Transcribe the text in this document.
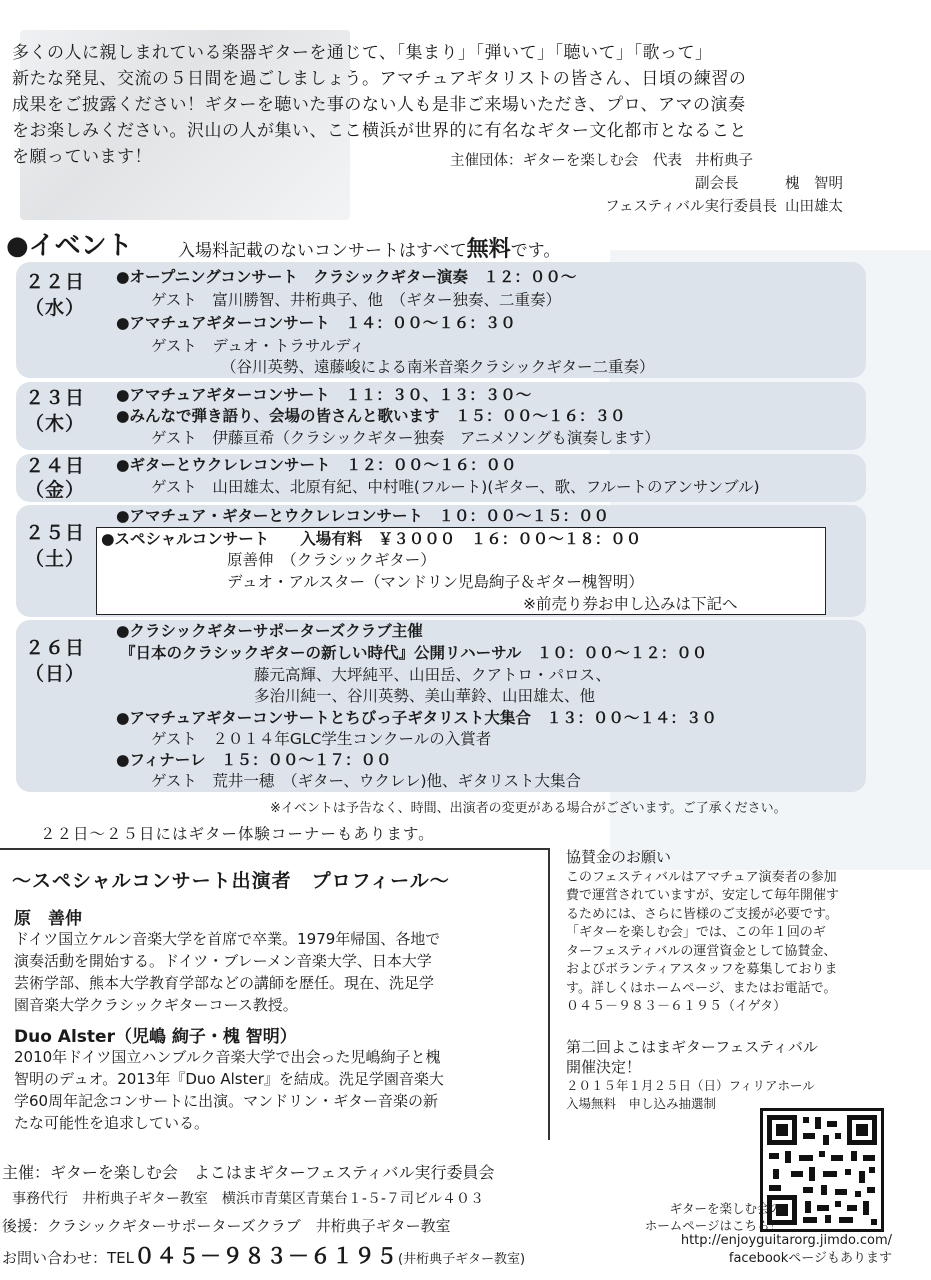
多くの人に親しまれている楽器ギターを通じて、「集まり」「弾いて」「聴いて」「歌って」
新たな発見、交流の５日間を過ごしましょう。アマチュアギタリストの皆さん、日頃の練習の
成果をご披露ください！ギターを聴いた事のない人も是非ご来場いただき、プロ、アマの演奏
をお楽しみください。沢山の人が集い、ここ横浜が世界的に有名なギター文化都市となること
を願っています！	主催団体：ギターを楽しむ会　代表 井桁典子
副会長	槐　智明
フェスティバル実行委員長 山田雄太
●イベント	入場料記載のないコンサートはすべて無料です。
２２日
（水）
●オープニングコンサート　クラシックギター演奏　１２：００～
ゲスト　富川勝智、井桁典子、他　（ギター独奏、二重奏）
●アマチュアギターコンサート　１４：００～１６：３０
ゲスト　デュオ・トラサルディ
（谷川英勢、遠藤峻による南米音楽クラシックギター二重奏）
２３日
（木）
●アマチュアギターコンサート　１１：３０、１３：３０～
●みんなで弾き語り、会場の皆さんと歌います　１５：００～１６：３０
ゲスト　伊藤亘希（クラシックギター独奏　アニメソングも演奏します）
２４日
（金）
●ギターとウクレレコンサート　１２：００～１６：００
ゲスト　山田雄太、北原有紀、中村唯(フルート)(ギター、歌、フルートのアンサンブル)
２５日
（土）
●アマチュア・ギターとウクレレコンサート　１０：００～１５：００
●スペシャルコンサート　　入場有料　￥３０００　１６：００～１８：００
原善伸　（クラシックギター）
デュオ・アルスター（マンドリン児島絢子＆ギター槐智明）
※前売り券お申し込みは下記へ
２６日
（日）
●クラシックギターサポーターズクラブ主催
『日本のクラシックギターの新しい時代』公開リハーサル　１０：００～１２：００
藤元高輝、大坪純平、山田岳、クアトロ・パロス、
多治川純一、谷川英勢、美山華鈴、山田雄太、他
●アマチュアギターコンサートとちびっ子ギタリスト大集合　１３：００～１４：３０
ゲスト　２０１４年GLC学生コンクールの入賞者
●フィナーレ　１５：００～１７：００
ゲスト　荒井一穂　（ギター、ウクレレ)他、ギタリスト大集合
※イベントは予告なく、時間、出演者の変更がある場合がございます。ご了承ください。
２２日～２５日にはギター体験コーナーもあります。
～スペシャルコンサート出演者　プロフィール～
原　善伸
ドイツ国立ケルン音楽大学を首席で卒業。1979年帰国、各地で
演奏活動を開始する。ドイツ・ブレーメン音楽大学、日本大学
芸術学部、熊本大学教育学部などの講師を歴任。現在、洗足学
園音楽大学クラシックギターコース教授。
Duo Alster（児嶋 絢子・槐 智明）
2010年ドイツ国立ハンブルク音楽大学で出会った児嶋絢子と槐
智明のデュオ。2013年『Duo Alster』を結成。洗足学園音楽大
学60周年記念コンサートに出演。マンドリン・ギター音楽の新
たな可能性を追求している。
協賛金のお願い
このフェスティバルはアマチュア演奏者の参加
費で運営されていますが、安定して毎年開催す
るためには、さらに皆様のご支援が必要です。
「ギターを楽しむ会」では、この年１回のギ
ターフェスティバルの運営資金として協賛金、
およびボランティアスタッフを募集しておりま
す。詳しくはホームページ、またはお電話で。
０４５－９８３－６１９５（イゲタ）
第二回よこはまギターフェスティバル
開催決定！
２０１５年１月２５日（日）フィリアホール
入場無料　申し込み抽選制
主催：ギターを楽しむ会　よこはまギターフェスティバル実行委員会
事務代行　井桁典子ギター教室　横浜市青葉区青葉台１-５-７司ビル４０３
後援：クラシックギターサポーターズクラブ　井桁典子ギター教室
お問い合わせ：TEL０４５－９８３－６１９５(井桁典子ギター教室)
ギターを楽しむ会の
ホームページはこちら！
http://enjoyguitarorg.jimdo.com/
facebookページもあります
